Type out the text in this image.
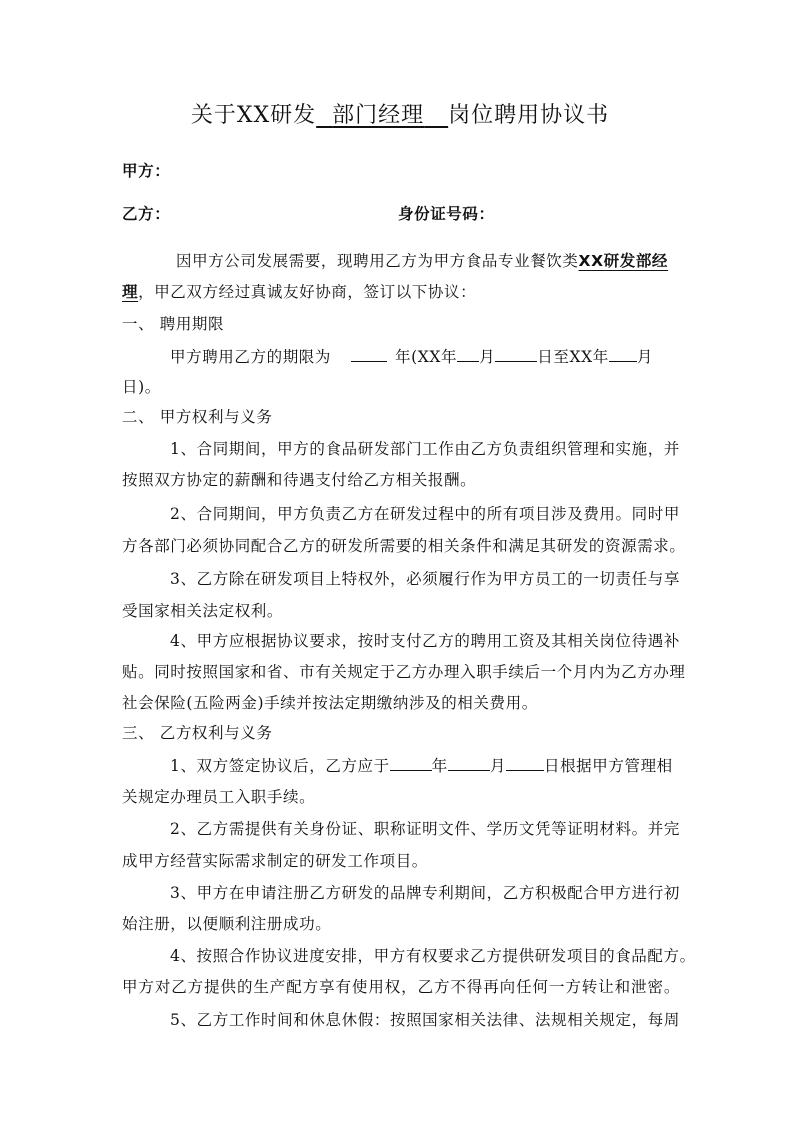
关于XX研发 部门经理 岗位聘用协议书
甲方：
乙方：	身份证号码：
因甲方公司发展需要，现聘用乙方为甲方食品专业餐饮类XX研发部经
理，甲乙双方经过真诚友好协商，签订以下协议：
一、 聘用期限
甲方聘用乙方的期限为	年(XX年 月	日至XX年 月
日)。
二、 甲方权利与义务
1、合同期间，甲方的食品研发部门工作由乙方负责组织管理和实施，并
按照双方协定的薪酬和待遇支付给乙方相关报酬。
2、合同期间，甲方负责乙方在研发过程中的所有项目涉及费用。同时甲
方各部门必须协同配合乙方的研发所需要的相关条件和满足其研发的资源需求。
3、乙方除在研发项目上特权外，必须履行作为甲方员工的一切责任与享
受国家相关法定权利。
4、甲方应根据协议要求，按时支付乙方的聘用工资及其相关岗位待遇补
贴。同时按照国家和省、市有关规定于乙方办理入职手续后一个月内为乙方办理
社会保险(五险两金)手续并按法定期缴纳涉及的相关费用。
三、 乙方权利与义务
1、双方签定协议后，乙方应于	年	月 日根据甲方管理相
关规定办理员工入职手续。
2、乙方需提供有关身份证、职称证明文件、学历文凭等证明材料。并完
成甲方经营实际需求制定的研发工作项目。
3、甲方在申请注册乙方研发的品牌专利期间，乙方积极配合甲方进行初
始注册，以便顺利注册成功。
4、按照合作协议进度安排，甲方有权要求乙方提供研发项目的食品配方。
甲方对乙方提供的生产配方享有使用权，乙方不得再向任何一方转让和泄密。
5、乙方工作时间和休息休假：按照国家相关法律、法规相关规定，每周
